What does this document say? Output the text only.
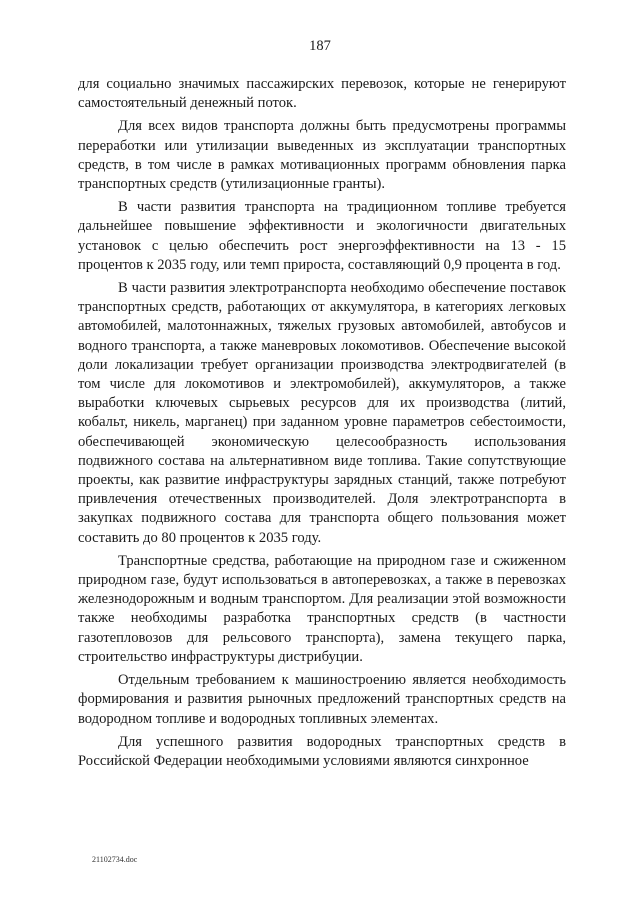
187

для социально значимых пассажирских перевозок, которые не генерируют самостоятельный денежный поток.

Для всех видов транспорта должны быть предусмотрены программы переработки или утилизации выведенных из эксплуатации транспортных средств, в том числе в рамках мотивационных программ обновления парка транспортных средств (утилизационные гранты).

В части развития транспорта на традиционном топливе требуется дальнейшее повышение эффективности и экологичности двигательных установок с целью обеспечить рост энергоэффективности на 13 - 15 процентов к 2035 году, или темп прироста, составляющий 0,9 процента в год.

В части развития электротранспорта необходимо обеспечение поставок транспортных средств, работающих от аккумулятора, в категориях легковых автомобилей, малотоннажных, тяжелых грузовых автомобилей, автобусов и водного транспорта, а также маневровых локомотивов. Обеспечение высокой доли локализации требует организации производства электродвигателей (в том числе для локомотивов и электромобилей), аккумуляторов, а также выработки ключевых сырьевых ресурсов для их производства (литий, кобальт, никель, марганец) при заданном уровне параметров себестоимости, обеспечивающей экономическую целесообразность использования подвижного состава на альтернативном виде топлива. Такие сопутствующие проекты, как развитие инфраструктуры зарядных станций, также потребуют привлечения отечественных производителей. Доля электротранспорта в закупках подвижного состава для транспорта общего пользования может составить до 80 процентов к 2035 году.

Транспортные средства, работающие на природном газе и сжиженном природном газе, будут использоваться в автоперевозках, а также в перевозках железнодорожным и водным транспортом. Для реализации этой возможности также необходимы разработка транспортных средств (в частности газотепловозов для рельсового транспорта), замена текущего парка, строительство инфраструктуры дистрибуции.

Отдельным требованием к машиностроению является необходимость формирования и развития рыночных предложений транспортных средств на водородном топливе и водородных топливных элементах.

Для успешного развития водородных транспортных средств в Российской Федерации необходимыми условиями являются синхронное

21102734.doc
